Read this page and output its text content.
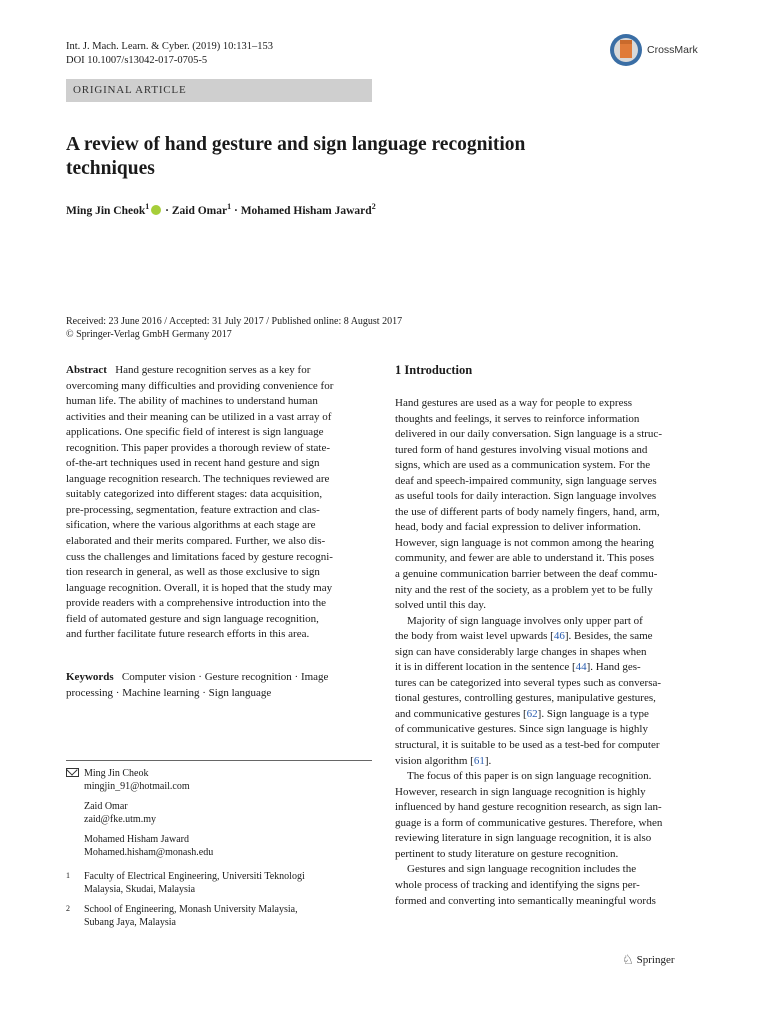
Int. J. Mach. Learn. & Cyber. (2019) 10:131–153
DOI 10.1007/s13042-017-0705-5
CrossMark
ORIGINAL ARTICLE
A review of hand gesture and sign language recognition
techniques
Ming Jin Cheok$^1$ · Zaid Omar$^1$ · Mohamed Hisham Jaward$^2$
Received: 23 June 2016 / Accepted: 31 July 2017 / Published online: 8 August 2017
© Springer-Verlag GmbH Germany 2017

Abstract Hand gesture recognition serves as a key for

overcoming many difficulties and providing convenience for

human life. The ability of machines to understand human

activities and their meaning can be utilized in a vast array of

applications. One specific field of interest is sign language

recognition. This paper provides a thorough review of state-

of-the-art techniques used in recent hand gesture and sign

language recognition research. The techniques reviewed are

suitably categorized into different stages: data acquisition,

pre-processing, segmentation, feature extraction and clas-

sification, where the various algorithms at each stage are

elaborated and their merits compared. Further, we also dis-

cuss the challenges and limitations faced by gesture recogni-

tion research in general, as well as those exclusive to sign

language recognition. Overall, it is hoped that the study may

provide readers with a comprehensive introduction into the

field of automated gesture and sign language recognition,

and further facilitate future research efforts in this area.

Keywords Computer vision · Gesture recognition · Image

processing · Machine learning · Sign language

Ming Jin Cheok
mingjin_91@hotmail.com
Zaid Omar
zaid@fke.utm.my
Mohamed Hisham Jaward
Mohamed.hisham@monash.edu
1 Faculty of Electrical Engineering, Universiti Teknologi
Malaysia, Skudai, Malaysia
2 School of Engineering, Monash University Malaysia,
Subang Jaya, Malaysia
1 Introduction

Hand gestures are used as a way for people to express

thoughts and feelings, it serves to reinforce information

delivered in our daily conversation. Sign language is a struc-

tured form of hand gestures involving visual motions and

signs, which are used as a communication system. For the

deaf and speech-impaired community, sign language serves

as useful tools for daily interaction. Sign language involves

the use of different parts of body namely fingers, hand, arm,

head, body and facial expression to deliver information.

However, sign language is not common among the hearing

community, and fewer are able to understand it. This poses

a genuine communication barrier between the deaf commu-

nity and the rest of the society, as a problem yet to be fully

solved until this day.

Majority of sign language involves only upper part of

the body from waist level upwards [46]. Besides, the same

sign can have considerably large changes in shapes when

it is in different location in the sentence [44]. Hand ges-

tures can be categorized into several types such as conversa-

tional gestures, controlling gestures, manipulative gestures,

and communicative gestures [62]. Sign language is a type

of communicative gestures. Since sign language is highly

structural, it is suitable to be used as a test-bed for computer

vision algorithm [61].

The focus of this paper is on sign language recognition.

However, research in sign language recognition is highly

influenced by hand gesture recognition research, as sign lan-

guage is a form of communicative gestures. Therefore, when

reviewing literature in sign language recognition, it is also

pertinent to study literature on gesture recognition.

Gestures and sign language recognition includes the

whole process of tracking and identifying the signs per-

formed and converting into semantically meaningful words

♘ Springer
